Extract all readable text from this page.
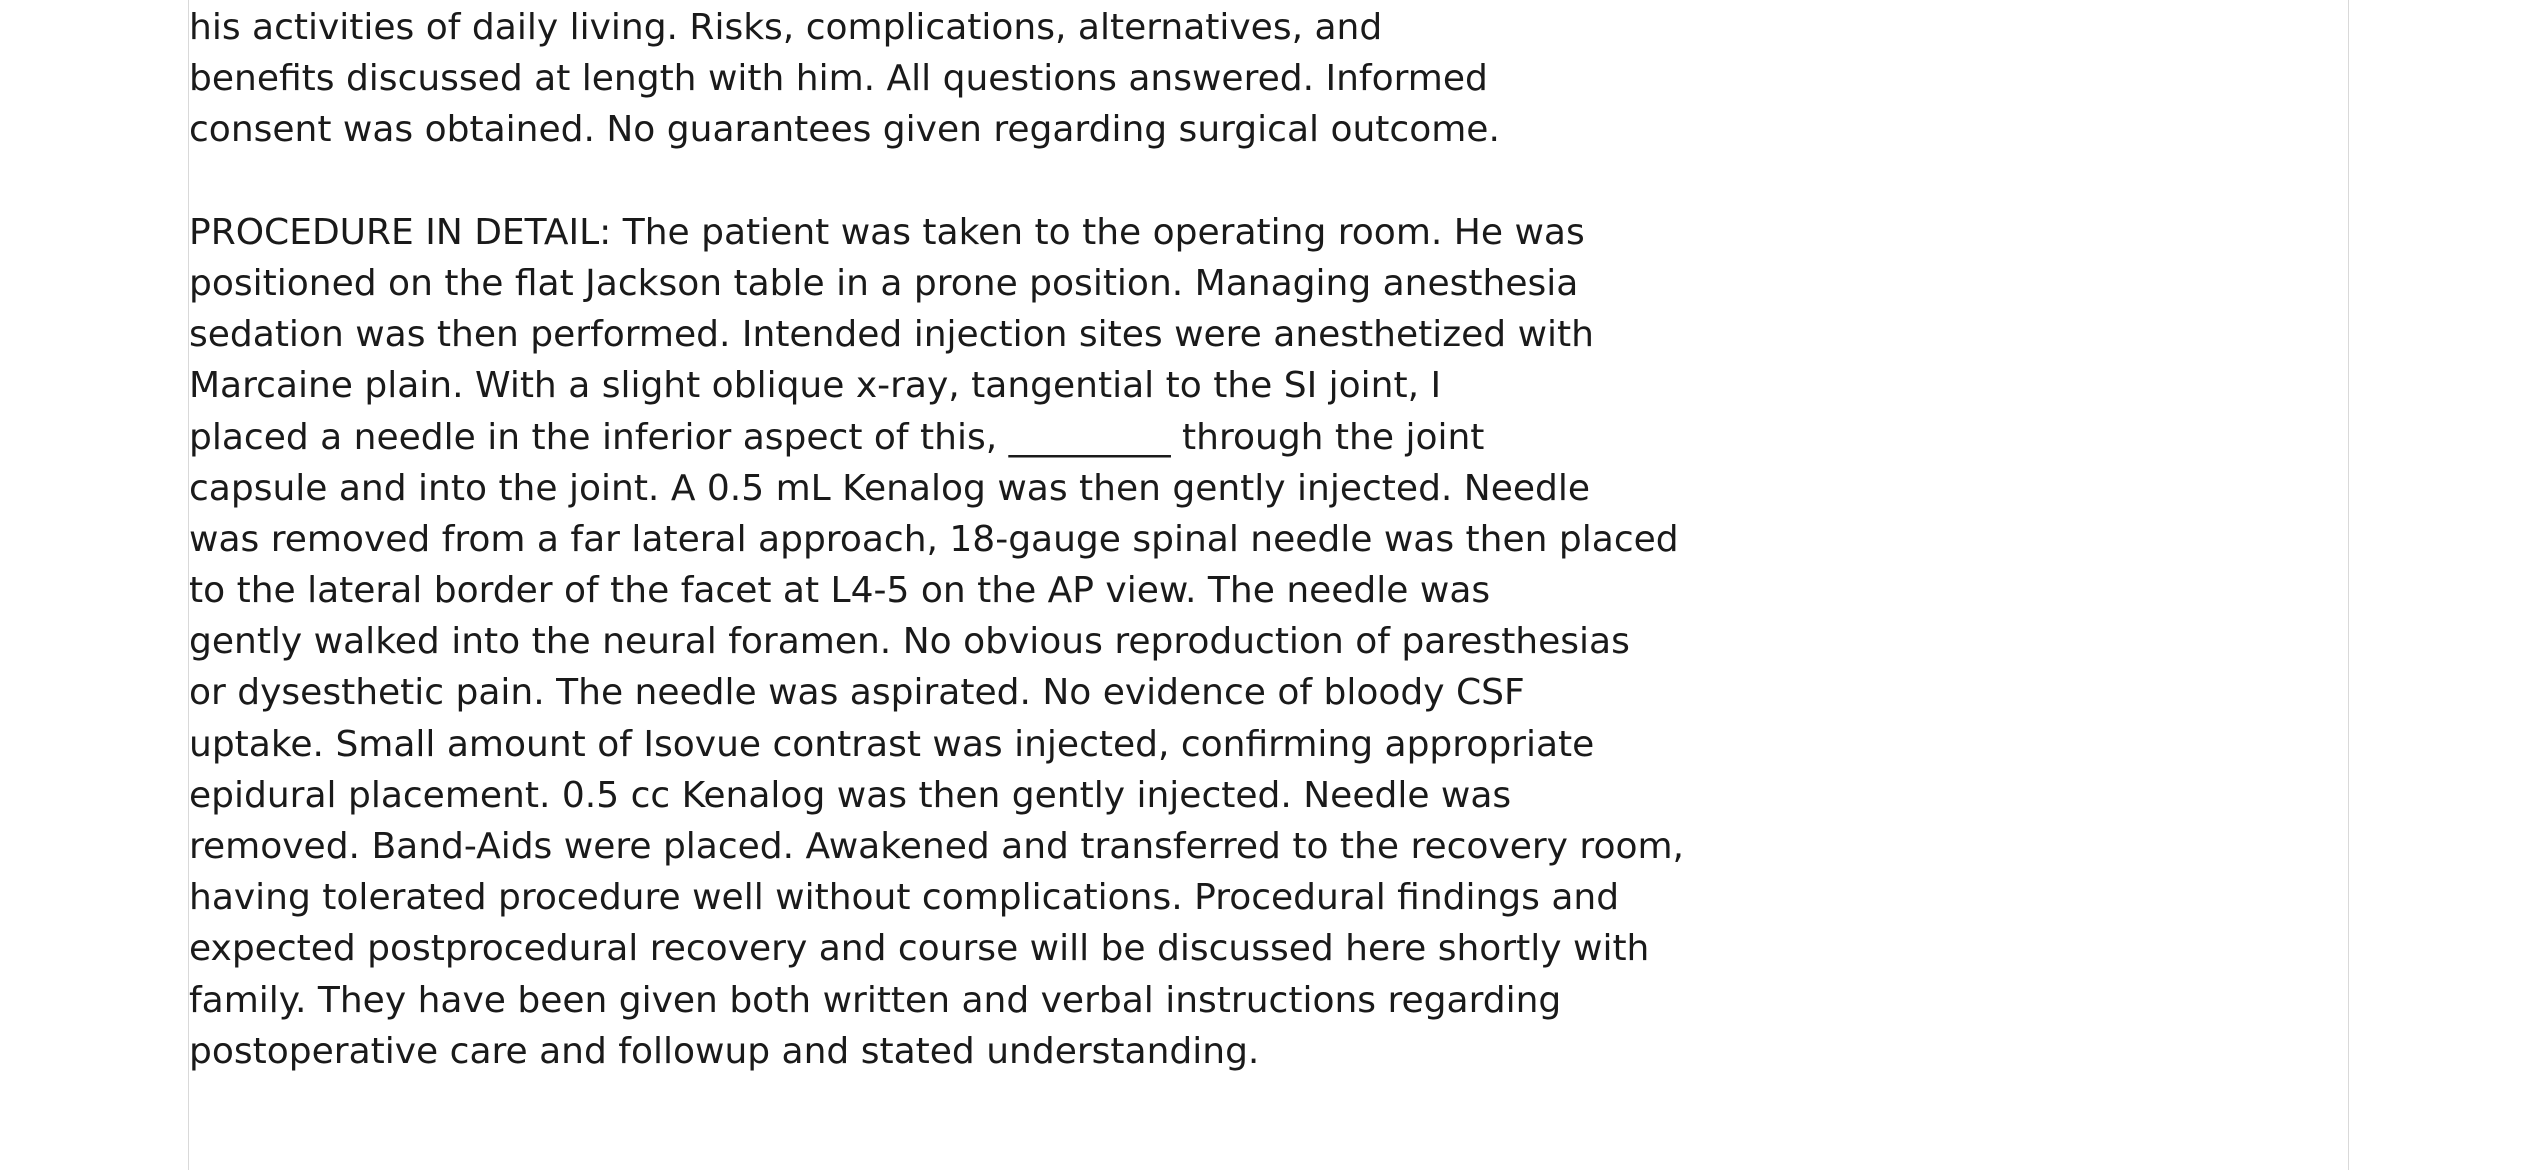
his activities of daily living. Risks, complications, alternatives, and
benefits discussed at length with him. All questions answered. Informed
consent was obtained. No guarantees given regarding surgical outcome.
PROCEDURE IN DETAIL: The patient was taken to the operating room. He was
positioned on the flat Jackson table in a prone position. Managing anesthesia
sedation was then performed. Intended injection sites were anesthetized with
Marcaine plain. With a slight oblique x-ray, tangential to the SI joint, I
placed a needle in the inferior aspect of this, _________ through the joint
capsule and into the joint. A 0.5 mL Kenalog was then gently injected. Needle
was removed from a far lateral approach, 18-gauge spinal needle was then placed
to the lateral border of the facet at L4-5 on the AP view. The needle was
gently walked into the neural foramen. No obvious reproduction of paresthesias
or dysesthetic pain. The needle was aspirated. No evidence of bloody CSF
uptake. Small amount of Isovue contrast was injected, confirming appropriate
epidural placement. 0.5 cc Kenalog was then gently injected. Needle was
removed. Band-Aids were placed. Awakened and transferred to the recovery room,
having tolerated procedure well without complications. Procedural findings and
expected postprocedural recovery and course will be discussed here shortly with
family. They have been given both written and verbal instructions regarding
postoperative care and followup and stated understanding.
